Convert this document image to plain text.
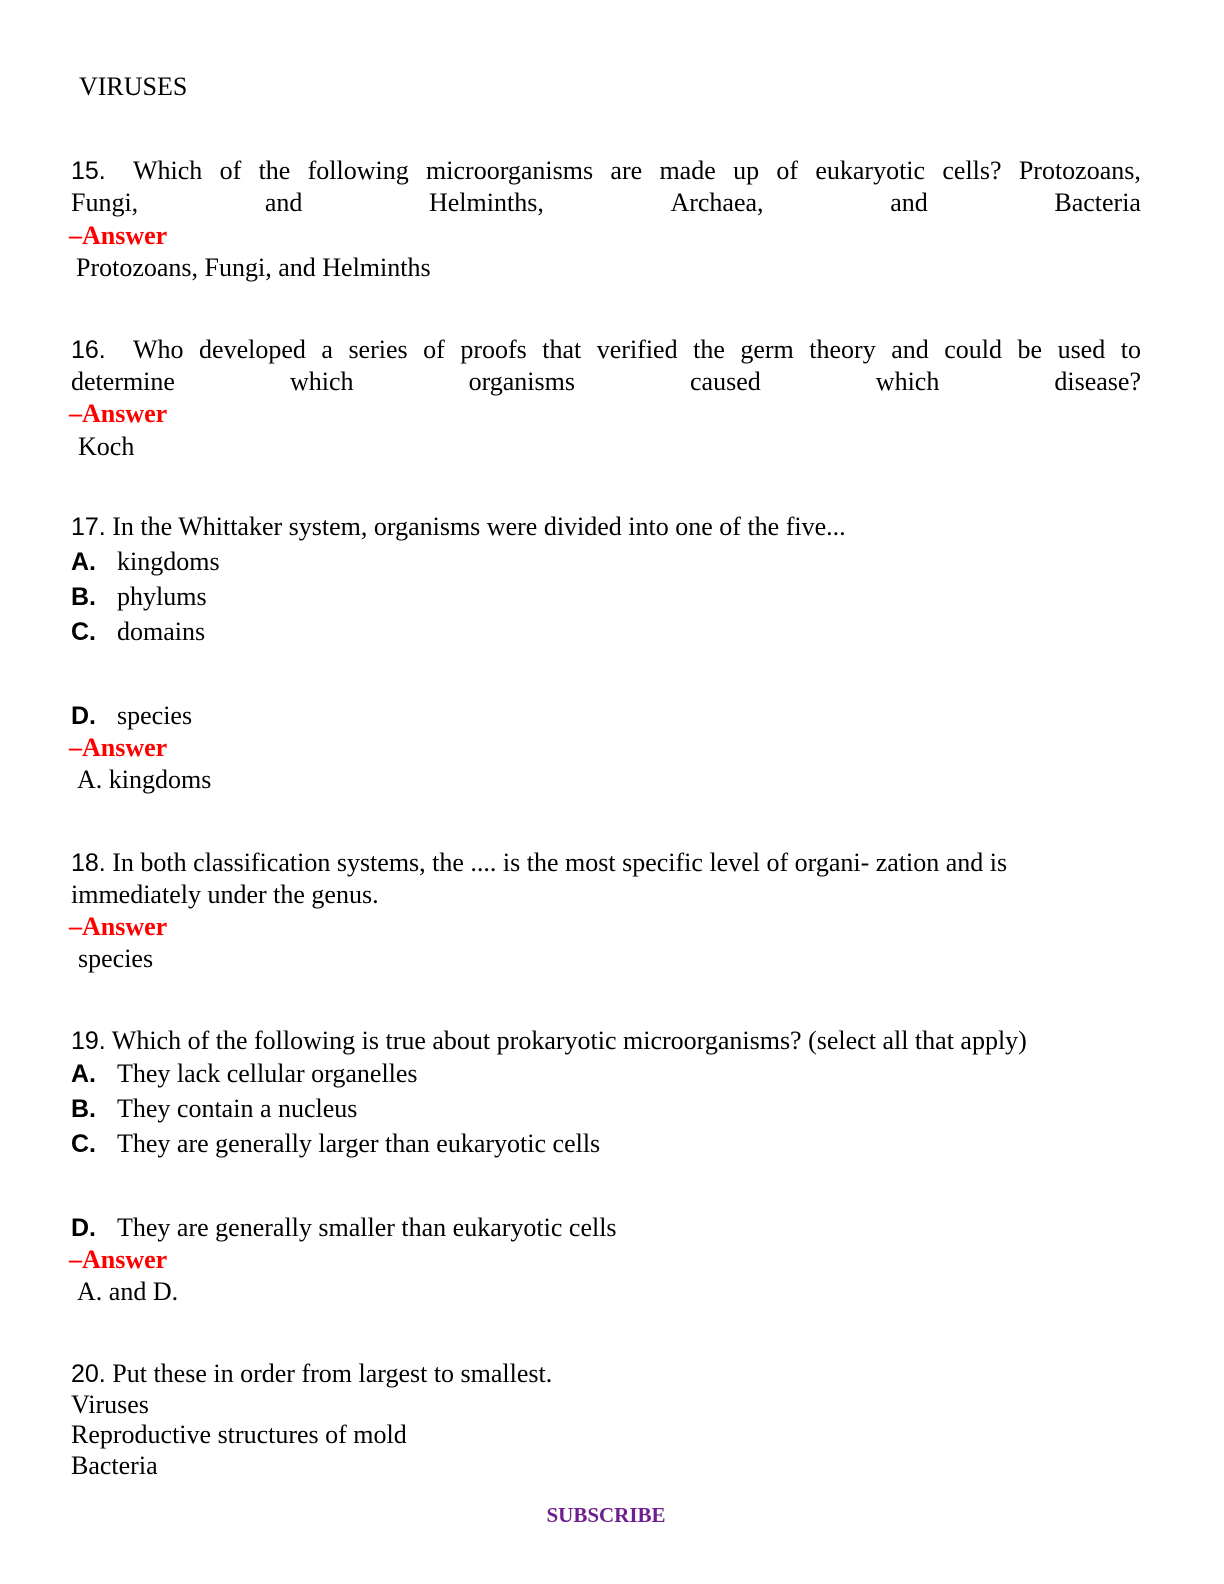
VIRUSES
15. Which of the following microorganisms are made up of eukaryotic cells? Protozoans,
Fungi,	and	Helminths,	Archaea,	and	Bacteria
–Answer
Protozoans, Fungi, and Helminths
16. Who developed a series of proofs that verified the germ theory and could be used to
determine	which	organisms	caused	which	disease?
–Answer
Koch
17. In the Whittaker system, organisms were divided into one of the five...
A. kingdoms
B. phylums
C. domains
D. species
–Answer
A. kingdoms
18. In both classification systems, the .... is the most specific level of organi- zation and is
immediately under the genus.
–Answer
species
19. Which of the following is true about prokaryotic microorganisms? (select all that apply)
A. They lack cellular organelles
B. They contain a nucleus
C. They are generally larger than eukaryotic cells
D. They are generally smaller than eukaryotic cells
–Answer
A. and D.
20. Put these in order from largest to smallest.
Viruses
Reproductive structures of mold
Bacteria
SUBSCRIBE
